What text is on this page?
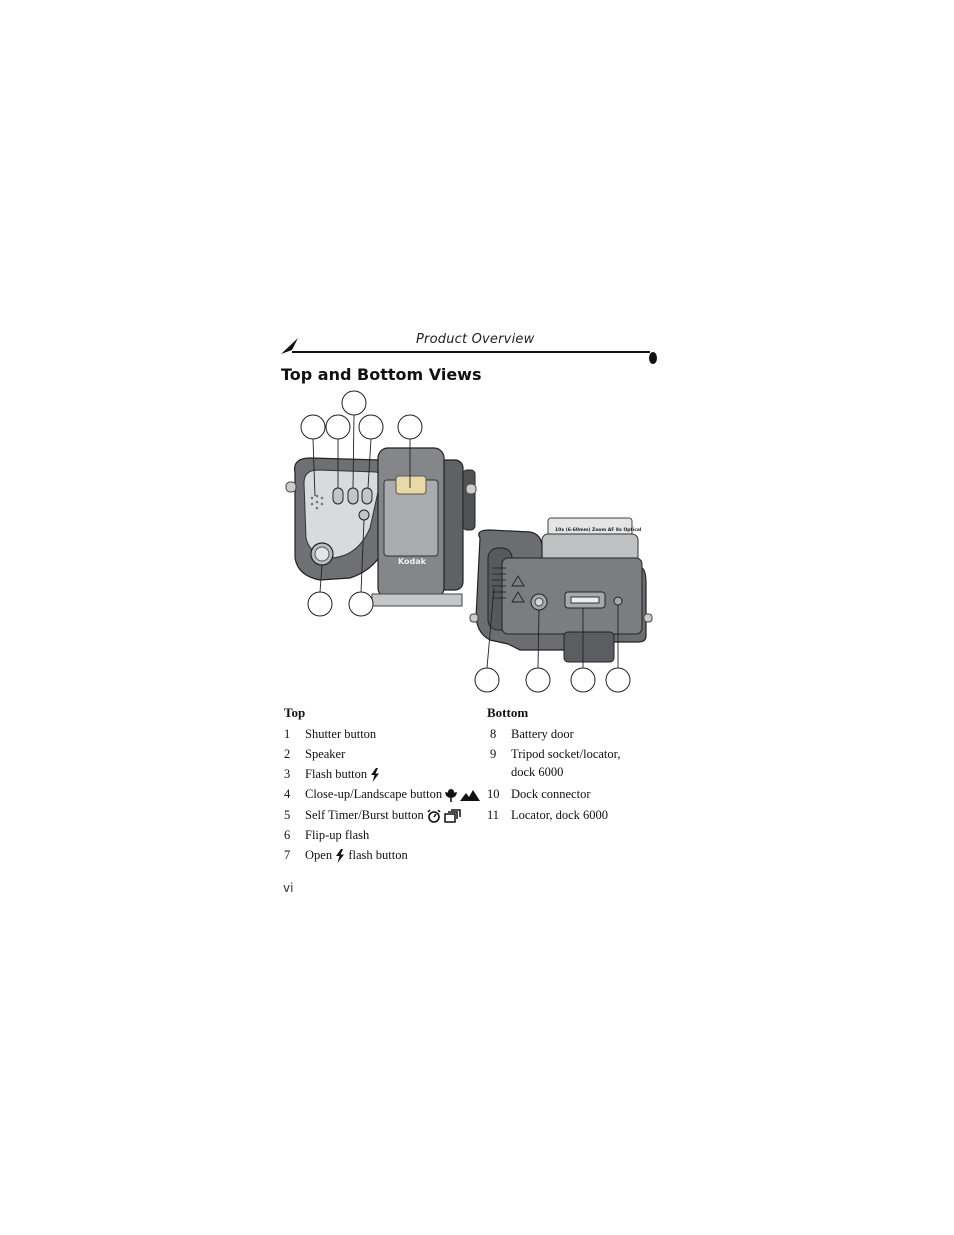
Product Overview
Top and Bottom Views
Kodak
10x (6-60mm) Zoom AF 8x Optical
Top
1 Shutter button
2 Speaker
3 Flash button
4 Close-up/Landscape button
5 Self Timer/Burst button
6 Flip-up flash
7 Open flash button
Bottom
8 Battery door
9 Tripod socket/locator,
dock 6000
10 Dock connector
11 Locator, dock 6000
vi
